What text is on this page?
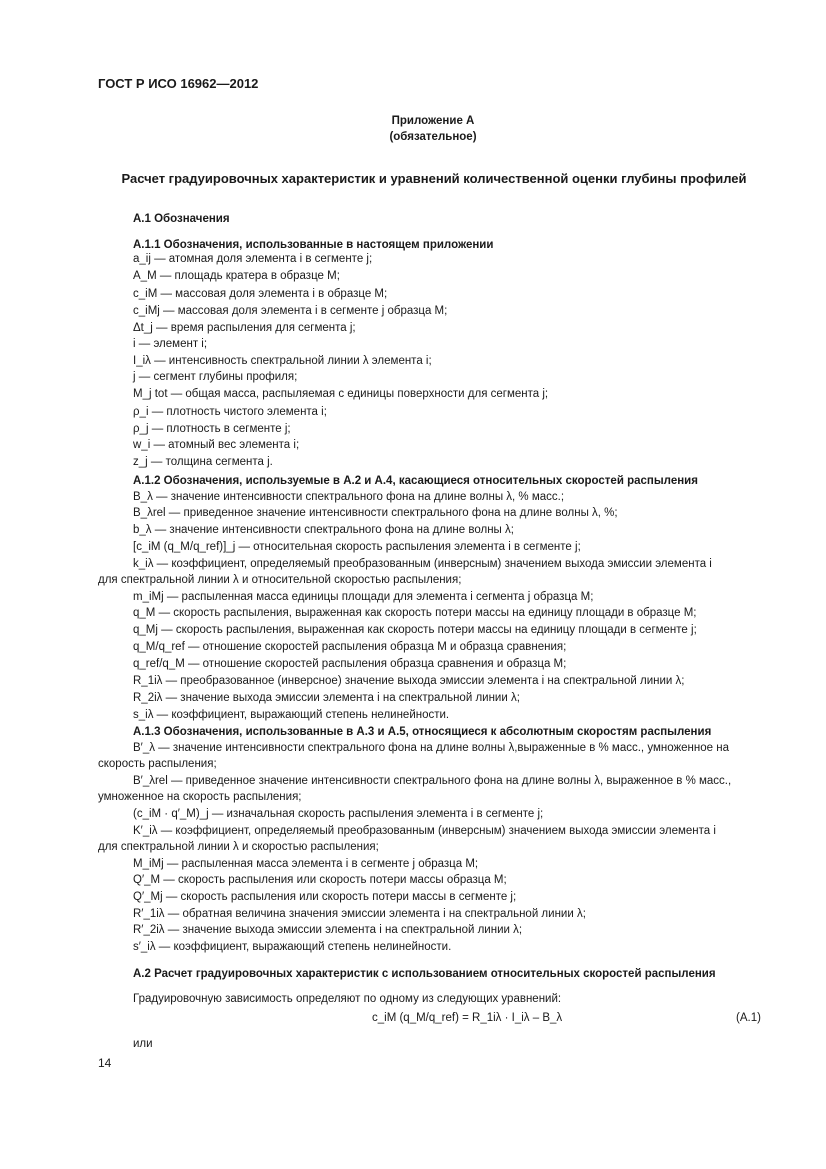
ГОСТ Р ИСО 16962—2012
Приложение А
(обязательное)
Расчет градуировочных характеристик и уравнений количественной оценки глубины профилей
А.1 Обозначения
А.1.1 Обозначения, использованные в настоящем приложении
a_ij — атомная доля элемента i в сегменте j;
A_M — площадь кратера в образце M;
c_iM — массовая доля элемента i в образце M;
c_iMj — массовая доля элемента i в сегменте j образца M;
Δt_j — время распыления для сегмента j;
i — элемент i;
I_iλ — интенсивность спектральной линии λ элемента i;
j — сегмент глубины профиля;
M_j tot — общая масса, распыляемая с единицы поверхности для сегмента j;
ρ_i — плотность чистого элемента i;
ρ_j — плотность в сегменте j;
w_i — атомный вес элемента i;
z_j — толщина сегмента j.
А.1.2 Обозначения, используемые в А.2 и А.4, касающиеся относительных скоростей распыления
B_λ — значение интенсивности спектрального фона на длине волны λ, % масс.;
B_λrel — приведенное значение интенсивности спектрального фона на длине волны λ, %;
b_λ — значение интенсивности спектрального фона на длине волны λ;
[c_iM (q_M/q_ref)]_j — относительная скорость распыления элемента i в сегменте j;
k_iλ — коэффициент, определяемый преобразованным (инверсным) значением выхода эмиссии элемента i
для спектральной линии λ и относительной скоростью распыления;
m_iMj — распыленная масса единицы площади для элемента i сегмента j образца M;
q_M — скорость распыления, выраженная как скорость потери массы на единицу площади в образце M;
q_Mj — скорость распыления, выраженная как скорость потери массы на единицу площади в сегменте j;
q_M/q_ref — отношение скоростей распыления образца M и образца сравнения;
q_ref/q_M — отношение скоростей распыления образца сравнения и образца M;
R_1iλ — преобразованное (инверсное) значение выхода эмиссии элемента i на спектральной линии λ;
R_2iλ — значение выхода эмиссии элемента i на спектральной линии λ;
s_iλ — коэффициент, выражающий степень нелинейности.
А.1.3 Обозначения, использованные в А.3 и А.5, относящиеся к абсолютным скоростям распыления
B′_λ — значение интенсивности спектрального фона на длине волны λ,выраженные в % масс., умноженное на
скорость распыления;
B′_λrel — приведенное значение интенсивности спектрального фона на длине волны λ, выраженное в % масс.,
умноженное на скорость распыления;
(c_iM · q′_M)_j — изначальная скорость распыления элемента i в сегменте j;
K′_iλ — коэффициент, определяемый преобразованным (инверсным) значением выхода эмиссии элемента i
для спектральной линии λ и скоростью распыления;
M_iMj — распыленная масса элемента i в сегменте j образца M;
Q′_M — скорость распыления или скорость потери массы образца M;
Q′_Mj — скорость распыления или скорость потери массы в сегменте j;
R′_1iλ — обратная величина значения эмиссии элемента i на спектральной линии λ;
R′_2iλ — значение выхода эмиссии элемента i на спектральной линии λ;
s′_iλ — коэффициент, выражающий степень нелинейности.
А.2 Расчет градуировочных характеристик с использованием относительных скоростей распыления
Градуировочную зависимость определяют по одному из следующих уравнений:
c_iM (q_M/q_ref) = R_1iλ · I_iλ – B_λ	(А.1)
или
14
